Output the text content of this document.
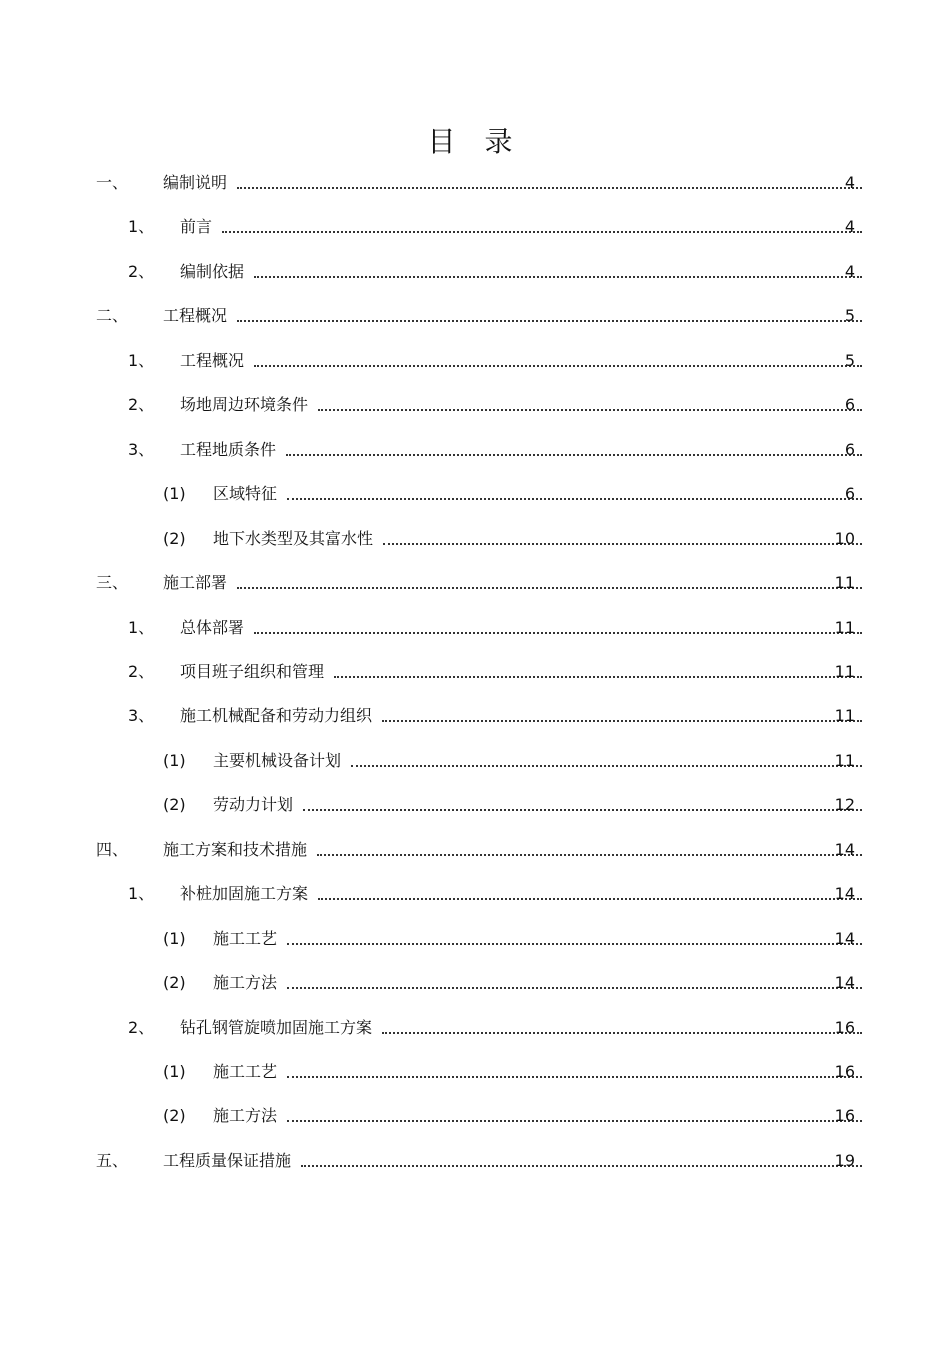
目 录
一、 编制说明	4
1、 前言	4
2、 编制依据	4
二、 工程概况	5
1、 工程概况	5
2、 场地周边环境条件	6
3、 工程地质条件	6
(1) 区域特征	6
(2) 地下水类型及其富水性	10
三、 施工部署	11
1、 总体部署	11
2、 项目班子组织和管理	11
3、 施工机械配备和劳动力组织	11
(1) 主要机械设备计划	11
(2) 劳动力计划	12
四、 施工方案和技术措施	14
1、 补桩加固施工方案	14
(1) 施工工艺	14
(2) 施工方法	14
2、 钻孔钢管旋喷加固施工方案	16
(1) 施工工艺	16
(2) 施工方法	16
五、 工程质量保证措施	19
